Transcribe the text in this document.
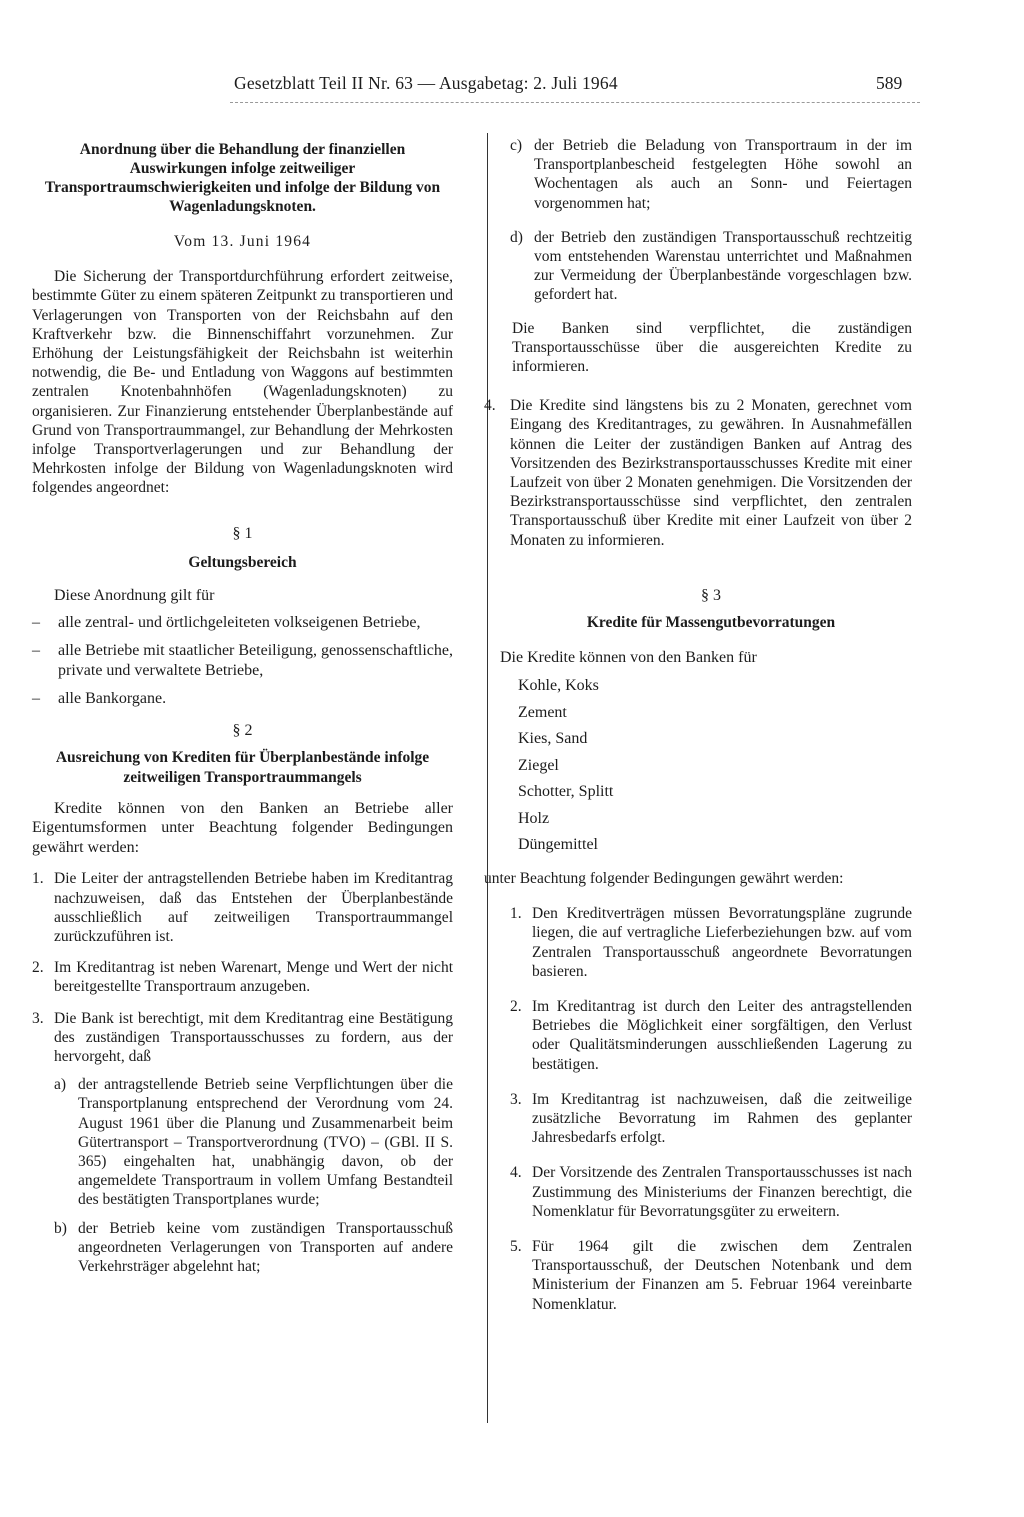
Gesetzblatt Teil II Nr. 63 — Ausgabetag: 2. Juli 1964	589

Anordnung über die Behandlung der finanziellen Auswirkungen infolge zeitweiliger Transportraumschwierigkeiten und infolge der Bildung von Wagenladungsknoten.

Vom 13. Juni 1964

Die Sicherung der Transportdurchführung erfordert zeitweise, bestimmte Güter zu einem späteren Zeitpunkt zu transportieren und Verlagerungen von Transporten von der Reichsbahn auf den Kraftverkehr bzw. die Binnenschiffahrt vorzunehmen. Zur Erhöhung der Leistungsfähigkeit der Reichsbahn ist weiterhin notwendig, die Be- und Entladung von Waggons auf bestimmten zentralen Knotenbahnhöfen (Wagenladungsknoten) zu organisieren. Zur Finanzierung entstehender Überplanbestände auf Grund von Transportraummangel, zur Behandlung der Mehrkosten infolge Transportverlagerungen und zur Behandlung der Mehrkosten infolge der Bildung von Wagenladungsknoten wird folgendes angeordnet:

§ 1

Geltungsbereich

Diese Anordnung gilt für

– alle zentral- und örtlichgeleiteten volkseigenen Betriebe,
– alle Betriebe mit staatlicher Beteiligung, genossenschaftliche, private und verwaltete Betriebe,
– alle Bankorgane.

§ 2

Ausreichung von Krediten für Überplanbestände infolge zeitweiligen Transportraummangels

Kredite können von den Banken an Betriebe aller Eigentumsformen unter Beachtung folgender Bedingungen gewährt werden:

1. Die Leiter der antragstellenden Betriebe haben im Kreditantrag nachzuweisen, daß das Entstehen der Überplanbestände ausschließlich auf zeitweiligen Transportraummangel zurückzuführen ist.
2. Im Kreditantrag ist neben Warenart, Menge und Wert der nicht bereitgestellte Transportraum anzugeben.
3. Die Bank ist berechtigt, mit dem Kreditantrag eine Bestätigung des zuständigen Transportausschusses zu fordern, aus der hervorgeht, daß
a) der antragstellende Betrieb seine Verpflichtungen über die Transportplanung entsprechend der Verordnung vom 24. August 1961 über die Planung und Zusammenarbeit beim Gütertransport – Transportverordnung (TVO) – (GBl. II S. 365) eingehalten hat, unabhängig davon, ob der angemeldete Transportraum in vollem Umfang Bestandteil des bestätigten Transportplanes wurde;
b) der Betrieb keine vom zuständigen Transportausschuß angeordneten Verlagerungen von Transporten auf andere Verkehrsträger abgelehnt hat;
c) der Betrieb die Beladung von Transportraum in der im Transportplanbescheid festgelegten Höhe sowohl an Wochentagen als auch an Sonn- und Feiertagen vorgenommen hat;
d) der Betrieb den zuständigen Transportausschuß rechtzeitig vom entstehenden Warenstau unterrichtet und Maßnahmen zur Vermeidung der Überplanbestände vorgeschlagen bzw. gefordert hat.

Die Banken sind verpflichtet, die zuständigen Transportausschüsse über die ausgereichten Kredite zu informieren.

4. Die Kredite sind längstens bis zu 2 Monaten, gerechnet vom Eingang des Kreditantrages, zu gewähren. In Ausnahmefällen können die Leiter der zuständigen Banken auf Antrag des Vorsitzenden des Bezirkstransportausschusses Kredite mit einer Laufzeit von über 2 Monaten genehmigen. Die Vorsitzenden der Bezirkstransportausschüsse sind verpflichtet, den zentralen Transportausschuß über Kredite mit einer Laufzeit von über 2 Monaten zu informieren.

§ 3

Kredite für Massengutbevorratungen

Die Kredite können von den Banken für

Kohle, Koks
Zement
Kies, Sand
Ziegel
Schotter, Splitt
Holz
Düngemittel

unter Beachtung folgender Bedingungen gewährt werden:

1. Den Kreditverträgen müssen Bevorratungspläne zugrunde liegen, die auf vertragliche Lieferbeziehungen bzw. auf vom Zentralen Transportausschuß angeordnete Bevorratungen basieren.
2. Im Kreditantrag ist durch den Leiter des antragstellenden Betriebes die Möglichkeit einer sorgfältigen, den Verlust oder Qualitätsminderungen ausschließenden Lagerung zu bestätigen.
3. Im Kreditantrag ist nachzuweisen, daß die zeitweilige zusätzliche Bevorratung im Rahmen des geplanter Jahresbedarfs erfolgt.
4. Der Vorsitzende des Zentralen Transportausschusses ist nach Zustimmung des Ministeriums der Finanzen berechtigt, die Nomenklatur für Bevorratungsgüter zu erweitern.
5. Für 1964 gilt die zwischen dem Zentralen Transportausschuß, der Deutschen Notenbank und dem Ministerium der Finanzen am 5. Februar 1964 vereinbarte Nomenklatur.
